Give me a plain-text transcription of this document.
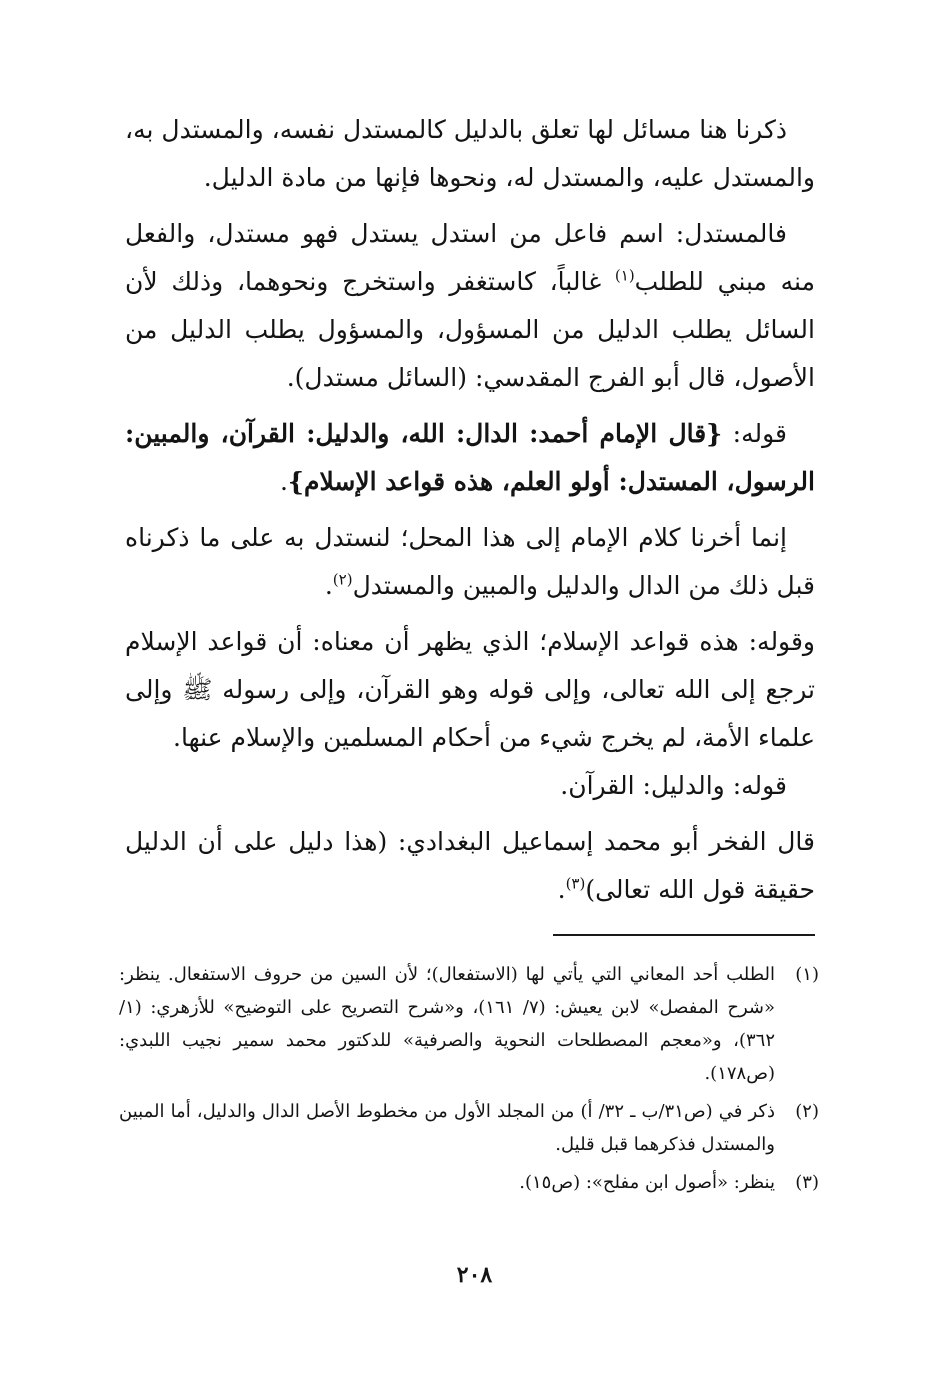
ذكرنا هنا مسائل لها تعلق بالدليل كالمستدل نفسه، والمستدل به، والمستدل عليه، والمستدل له، ونحوها فإنها من مادة الدليل.

فالمستدل: اسم فاعل من استدل يستدل فهو مستدل، والفعل منه مبني للطلب$^{(١)}$ غالباً، كاستغفر واستخرج ونحوهما، وذلك لأن السائل يطلب الدليل من المسؤول، والمسؤول يطلب الدليل من الأصول، قال أبو الفرج المقدسي: (السائل مستدل).

قوله: {قال الإمام أحمد: الدال: الله، والدليل: القرآن، والمبين: الرسول، المستدل: أولو العلم، هذه قواعد الإسلام}.

إنما أخرنا كلام الإمام إلى هذا المحل؛ لنستدل به على ما ذكرناه قبل ذلك من الدال والدليل والمبين والمستدل$^{(٢)}$.

وقوله: هذه قواعد الإسلام؛ الذي يظهر أن معناه: أن قواعد الإسلام ترجع إلى الله تعالى، وإلى قوله وهو القرآن، وإلى رسوله ﷺ وإلى علماء الأمة، لم يخرج شيء من أحكام المسلمين والإسلام عنها.

قوله: والدليل: القرآن.

قال الفخر أبو محمد إسماعيل البغدادي: (هذا دليل على أن الدليل حقيقة قول الله تعالى)$^{(٣)}$.

(١)
الطلب أحد المعاني التي يأتي لها (الاستفعال)؛ لأن السين من حروف الاستفعال. ينظر: «شرح المفصل» لابن يعيش: (٧/ ١٦١)، و«شرح التصريح على التوضيح» للأزهري: (١/ ٣٦٢)، و«معجم المصطلحات النحوية والصرفية» للدكتور محمد سمير نجيب اللبدي: (ص١٧٨).
(٢)
ذكر في (ص٣١/ب ـ ٣٢/ أ) من المجلد الأول من مخطوط الأصل الدال والدليل، أما المبين والمستدل فذكرهما قبل قليل.
(٣)
ينظر: «أصول ابن مفلح»: (ص١٥).
٢٠٨
